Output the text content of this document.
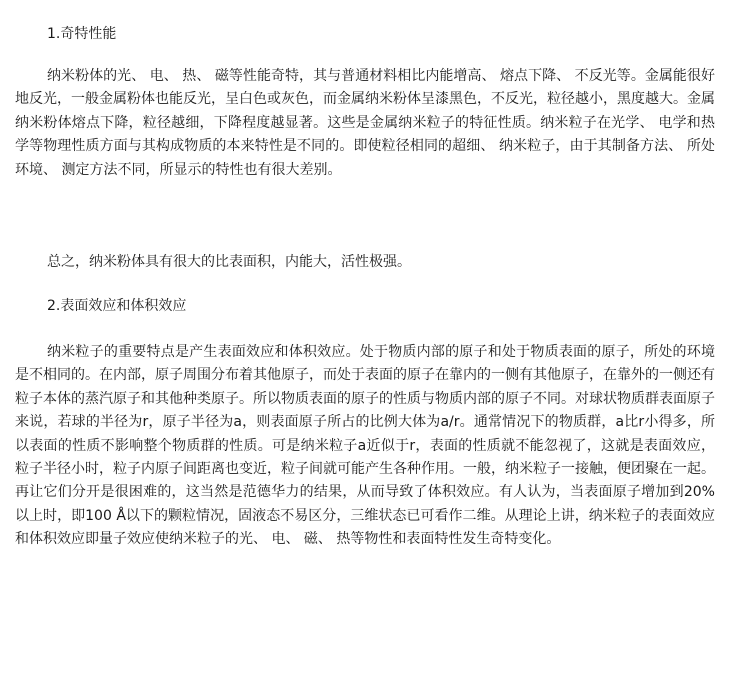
1.奇特性能

纳米粉体的光、 电、 热、 磁等性能奇特，其与普通材料相比内能增高、 熔点下降、 不反光等。金属能很好地反光，一般金属粉体也能反光，呈白色或灰色，而金属纳米粉体呈漆黑色，不反光，粒径越小，黑度越大。金属纳米粉体熔点下降，粒径越细，下降程度越显著。这些是金属纳米粒子的特征性质。纳米粒子在光学、 电学和热学等物理性质方面与其构成物质的本来特性是不同的。即使粒径相同的超细、 纳米粒子，由于其制备方法、 所处环境、 测定方法不同，所显示的特性也有很大差别。

总之，纳米粉体具有很大的比表面积，内能大，活性极强。

2.表面效应和体积效应

纳米粒子的重要特点是产生表面效应和体积效应。处于物质内部的原子和处于物质表面的原子，所处的环境是不相同的。在内部，原子周围分布着其他原子，而处于表面的原子在靠内的一侧有其他原子，在靠外的一侧还有粒子本体的蒸汽原子和其他种类原子。所以物质表面的原子的性质与物质内部的原子不同。对球状物质群表面原子来说，若球的半径为r，原子半径为a，则表面原子所占的比例大体为a/r。通常情况下的物质群，a比r小得多，所以表面的性质不影响整个物质群的性质。可是纳米粒子a近似于r，表面的性质就不能忽视了，这就是表面效应，粒子半径小时，粒子内原子间距离也变近，粒子间就可能产生各种作用。一般，纳米粒子一接触，便团聚在一起。再让它们分开是很困难的，这当然是范德华力的结果，从而导致了体积效应。有人认为，当表面原子增加到20%以上时，即100 Å以下的颗粒情况，固液态不易区分，三维状态已可看作二维。从理论上讲，纳米粒子的表面效应和体积效应即量子效应使纳米粒子的光、 电、 磁、 热等物性和表面特性发生奇特变化。
